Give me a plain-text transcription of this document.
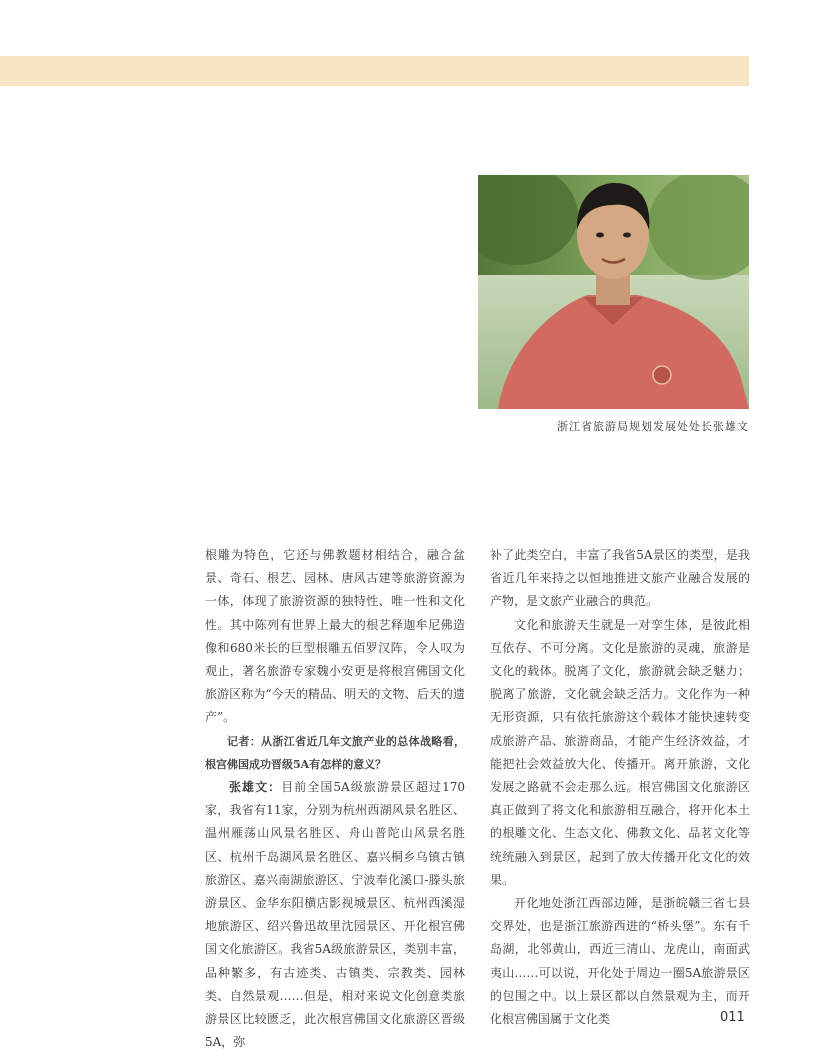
浙江省旅游局规划发展处处长张雄文

根雕为特色，它还与佛教题材相结合，融合盆景、奇石、根艺、园林、唐风古建等旅游资源为一体，体现了旅游资源的独特性、唯一性和文化性。其中陈列有世界上最大的根艺释迦牟尼佛造像和680米长的巨型根雕五佰罗汉阵，令人叹为观止，著名旅游专家魏小安更是将根宫佛国文化旅游区称为“今天的精品、明天的文物、后天的遗产”。

记者：从浙江省近几年文旅产业的总体战略看，根宫佛国成功晋级5A有怎样的意义？

张雄文：目前全国5A级旅游景区超过170家，我省有11家，分别为杭州西湖风景名胜区、温州雁荡山风景名胜区、舟山普陀山风景名胜区、杭州千岛湖风景名胜区、嘉兴桐乡乌镇古镇旅游区、嘉兴南湖旅游区、宁波奉化溪口-滕头旅游景区、金华东阳横店影视城景区、杭州西溪湿地旅游区、绍兴鲁迅故里沈园景区、开化根宫佛国文化旅游区。我省5A级旅游景区，类别丰富，品种繁多，有古迹类、古镇类、宗教类、园林类、自然景观……但是，相对来说文化创意类旅游景区比较匮乏，此次根宫佛国文化旅游区晋级5A，弥

补了此类空白，丰富了我省5A景区的类型，是我省近几年来持之以恒地推进文旅产业融合发展的产物，是文旅产业融合的典范。

文化和旅游天生就是一对孪生体，是彼此相互依存、不可分离。文化是旅游的灵魂，旅游是文化的载体。脱离了文化，旅游就会缺乏魅力；脱离了旅游，文化就会缺乏活力。文化作为一种无形资源，只有依托旅游这个载体才能快速转变成旅游产品、旅游商品，才能产生经济效益，才能把社会效益放大化、传播开。离开旅游，文化发展之路就不会走那么远。根宫佛国文化旅游区真正做到了将文化和旅游相互融合，将开化本土的根雕文化、生态文化、佛教文化、品茗文化等统统融入到景区，起到了放大传播开化文化的效果。

开化地处浙江西部边陲，是浙皖赣三省七县交界处，也是浙江旅游西进的“桥头堡”。东有千岛湖，北邻黄山，西近三清山、龙虎山，南面武夷山……可以说，开化处于周边一圈5A旅游景区的包围之中。以上景区都以自然景观为主，而开化根宫佛国属于文化类	011
